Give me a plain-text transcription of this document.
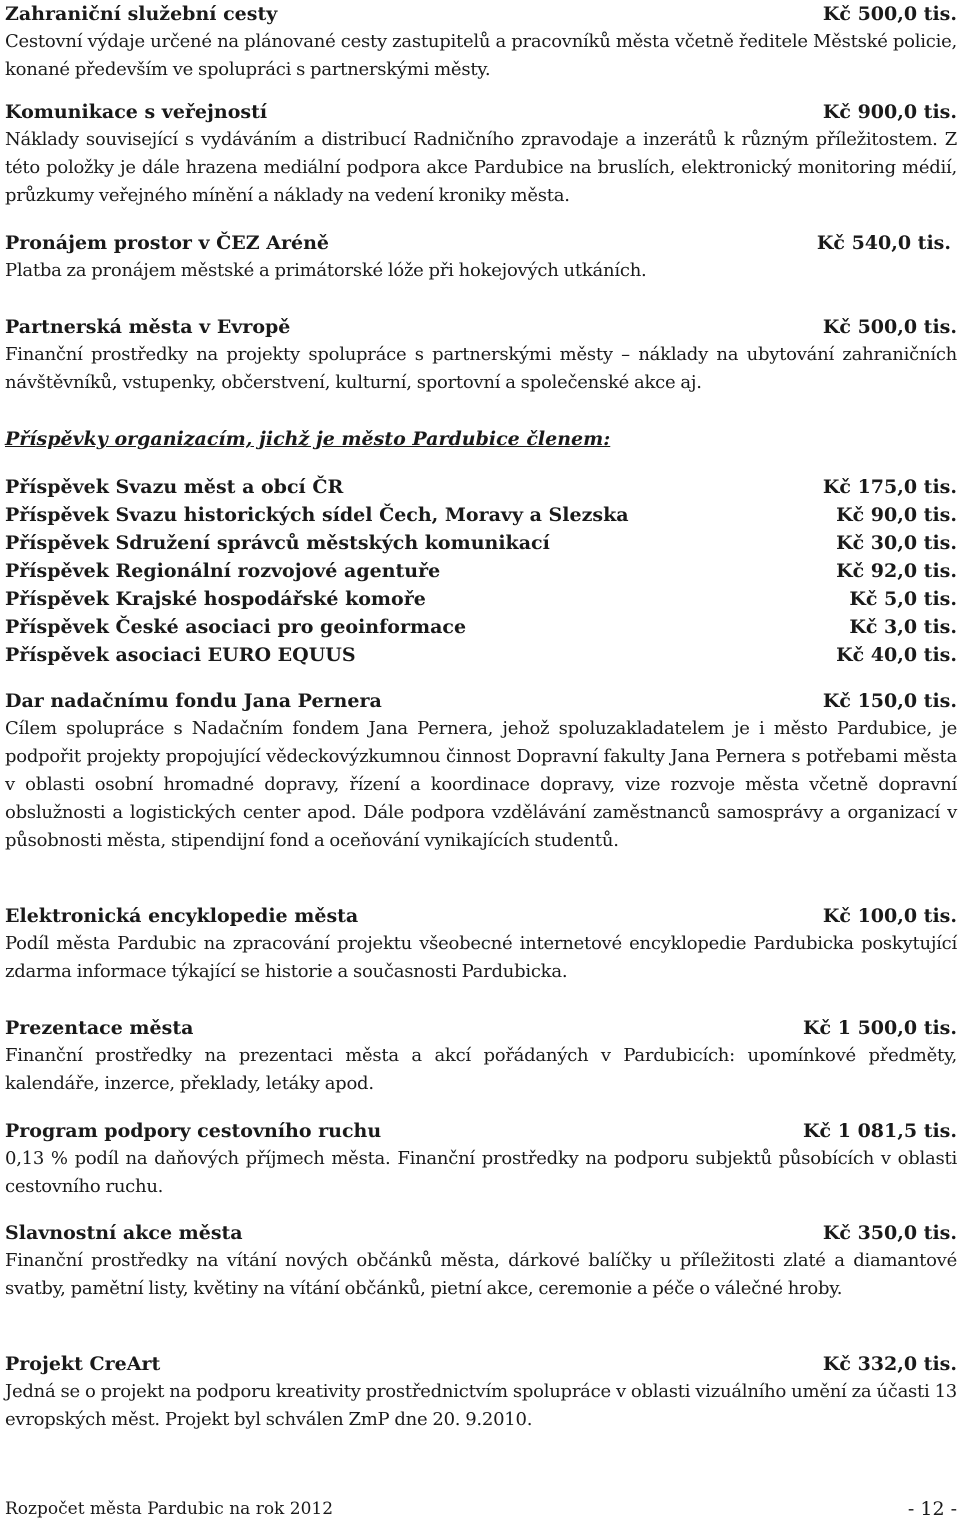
Zahraniční služební cesty	Kč 500,0 tis.

Cestovní výdaje určené na plánované cesty zastupitelů a pracovníků města včetně ředitele Městské policie, konané především ve spolupráci s partnerskými městy.

Komunikace s veřejností	Kč 900,0 tis.

Náklady související s vydáváním a distribucí Radničního zpravodaje a inzerátů k různým příležitostem. Z této položky je dále hrazena mediální podpora akce Pardubice na bruslích, elektronický monitoring médií, průzkumy veřejného mínění a náklady na vedení kroniky města.

Pronájem prostor v ČEZ Aréně	Kč 540,0 tis.

Platba za pronájem městské a primátorské lóže při hokejových utkáních.

Partnerská města v Evropě	Kč 500,0 tis.

Finanční prostředky na projekty spolupráce s partnerskými městy – náklady na ubytování zahraničních návštěvníků, vstupenky, občerstvení, kulturní, sportovní a společenské akce aj.

Příspěvky organizacím, jichž je město Pardubice členem:
Příspěvek Svazu měst a obcí ČR	Kč 175,0 tis.
Příspěvek Svazu historických sídel Čech, Moravy a Slezska	Kč 90,0 tis.
Příspěvek Sdružení správců městských komunikací	Kč 30,0 tis.
Příspěvek Regionální rozvojové agentuře	Kč 92,0 tis.
Příspěvek Krajské hospodářské komoře	Kč 5,0 tis.
Příspěvek České asociaci pro geoinformace	Kč 3,0 tis.
Příspěvek asociaci EURO EQUUS	Kč 40,0 tis.
Dar nadačnímu fondu Jana Pernera	Kč 150,0 tis.

Cílem spolupráce s Nadačním fondem Jana Pernera, jehož spoluzakladatelem je i město Pardubice, je podpořit projekty propojující vědeckovýzkumnou činnost Dopravní fakulty Jana Pernera s potřebami města v oblasti osobní hromadné dopravy, řízení a koordinace dopravy, vize rozvoje města včetně dopravní obslužnosti a logistických center apod. Dále podpora vzdělávání zaměstnanců samosprávy a organizací v působnosti města, stipendijní fond a oceňování vynikajících studentů.

Elektronická encyklopedie města	Kč 100,0 tis.

Podíl města Pardubic na zpracování projektu všeobecné internetové encyklopedie Pardubicka poskytující zdarma informace týkající se historie a současnosti Pardubicka.

Prezentace města	Kč 1 500,0 tis.

Finanční prostředky na prezentaci města a akcí pořádaných v Pardubicích: upomínkové předměty, kalendáře, inzerce, překlady, letáky apod.

Program podpory cestovního ruchu	Kč 1 081,5 tis.

0,13 % podíl na daňových příjmech města. Finanční prostředky na podporu subjektů působících v oblasti cestovního ruchu.

Slavnostní akce města	Kč 350,0 tis.

Finanční prostředky na vítání nových občánků města, dárkové balíčky u příležitosti zlaté a diamantové svatby, pamětní listy, květiny na vítání občánků, pietní akce, ceremonie a péče o válečné hroby.

Projekt CreArt	Kč 332,0 tis.

Jedná se o projekt na podporu kreativity prostřednictvím spolupráce v oblasti vizuálního umění za účasti 13 evropských měst. Projekt byl schválen ZmP dne 20. 9.2010.

Rozpočet města Pardubic na rok 2012	- 12 -
